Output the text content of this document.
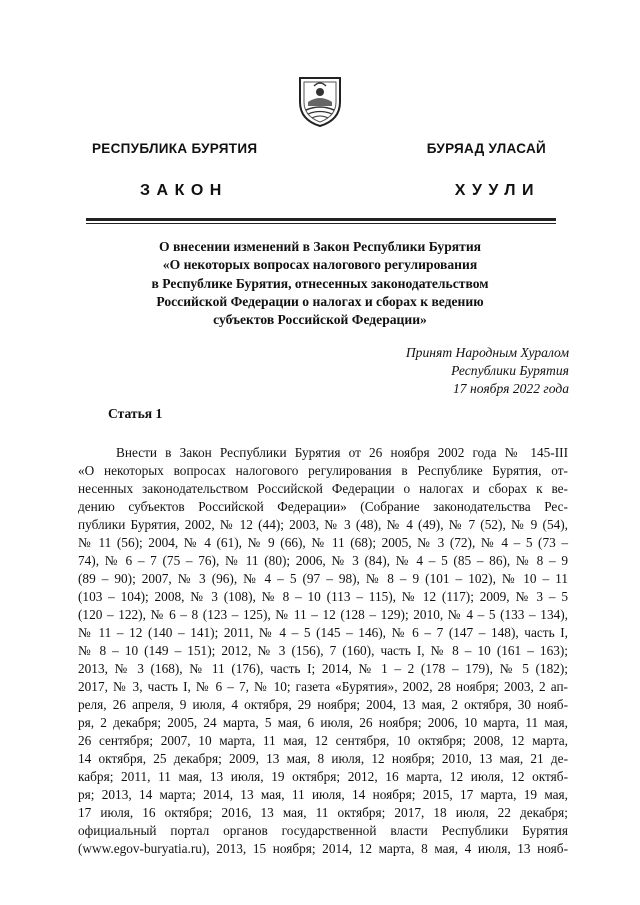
РЕСПУБЛИКА БУРЯТИЯ	БУРЯАД УЛАСАЙ
ЗАКОН	ХУУЛИ
О внесении изменений в Закон Республики Бурятия
«О некоторых вопросах налогового регулирования
в Республике Бурятия, отнесенных законодательством
Российской Федерации о налогах и сборах к ведению
субъектов Российской Федерации»
Принят Народным Хуралом
Республики Бурятия
17 ноября 2022 года
Статья 1
Внести в Закон Республики Бурятия от 26 ноября 2002 года № 145-III
«О некоторых вопросах налогового регулирования в Республике Бурятия, от-
несенных законодательством Российской Федерации о налогах и сборах к ве-
дению субъектов Российской Федерации» (Собрание законодательства Рес-
публики Бурятия, 2002, № 12 (44); 2003, № 3 (48), № 4 (49), № 7 (52), № 9 (54),
№ 11 (56); 2004, № 4 (61), № 9 (66), № 11 (68); 2005, № 3 (72), № 4 – 5 (73 –
74), № 6 – 7 (75 – 76), № 11 (80); 2006, № 3 (84), № 4 – 5 (85 – 86), № 8 – 9
(89 – 90); 2007, № 3 (96), № 4 – 5 (97 – 98), № 8 – 9 (101 – 102), № 10 – 11
(103 – 104); 2008, № 3 (108), № 8 – 10 (113 – 115), № 12 (117); 2009, № 3 – 5
(120 – 122), № 6 – 8 (123 – 125), № 11 – 12 (128 – 129); 2010, № 4 – 5 (133 – 134),
№ 11 – 12 (140 – 141); 2011, № 4 – 5 (145 – 146), № 6 – 7 (147 – 148), часть I,
№ 8 – 10 (149 – 151); 2012, № 3 (156), 7 (160), часть I, № 8 – 10 (161 – 163);
2013, № 3 (168), № 11 (176), часть I; 2014, № 1 – 2 (178 – 179), № 5 (182);
2017, № 3, часть I, № 6 – 7, № 10; газета «Бурятия», 2002, 28 ноября; 2003, 2 ап-
реля, 26 апреля, 9 июля, 4 октября, 29 ноября; 2004, 13 мая, 2 октября, 30 нояб-
ря, 2 декабря; 2005, 24 марта, 5 мая, 6 июля, 26 ноября; 2006, 10 марта, 11 мая,
26 сентября; 2007, 10 марта, 11 мая, 12 сентября, 10 октября; 2008, 12 марта,
14 октября, 25 декабря; 2009, 13 мая, 8 июля, 12 ноября; 2010, 13 мая, 21 де-
кабря; 2011, 11 мая, 13 июля, 19 октября; 2012, 16 марта, 12 июля, 12 октяб-
ря; 2013, 14 марта; 2014, 13 мая, 11 июля, 14 ноября; 2015, 17 марта, 19 мая,
17 июля, 16 октября; 2016, 13 мая, 11 октября; 2017, 18 июля, 22 декабря;
официальный портал органов государственной власти Республики Бурятия
(www.egov-buryatia.ru), 2013, 15 ноября; 2014, 12 марта, 8 мая, 4 июля, 13 нояб-
